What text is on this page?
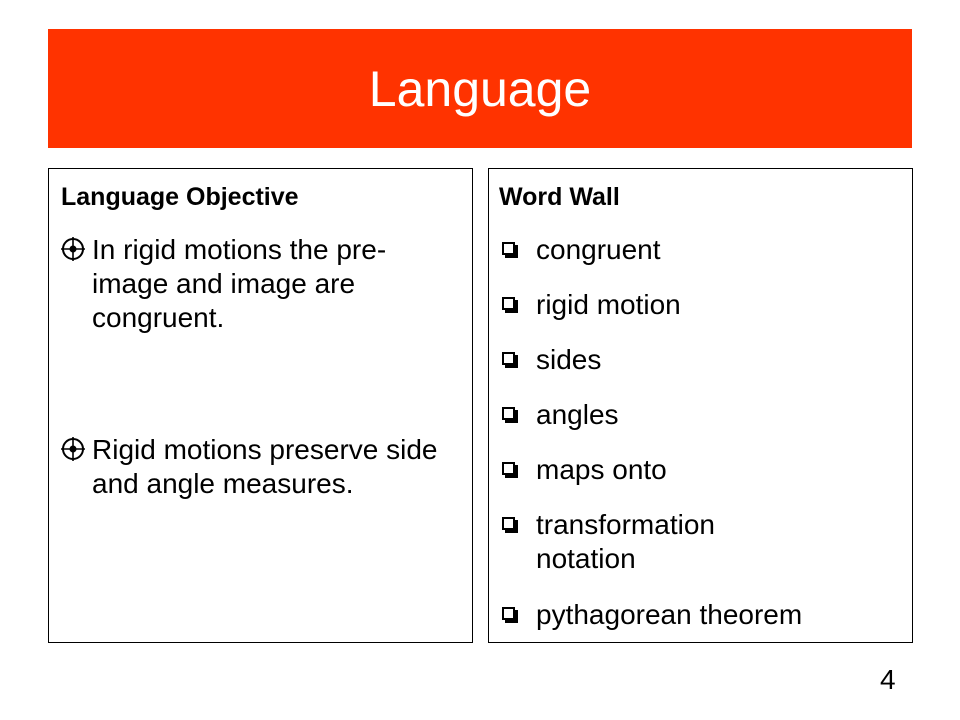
Language
Language Objective
In rigid motions the pre-image and image are congruent.
Rigid motions preserve side and angle measures.
Word Wall
congruent
rigid motion
sides
angles
maps onto
transformation notation
pythagorean theorem
4
